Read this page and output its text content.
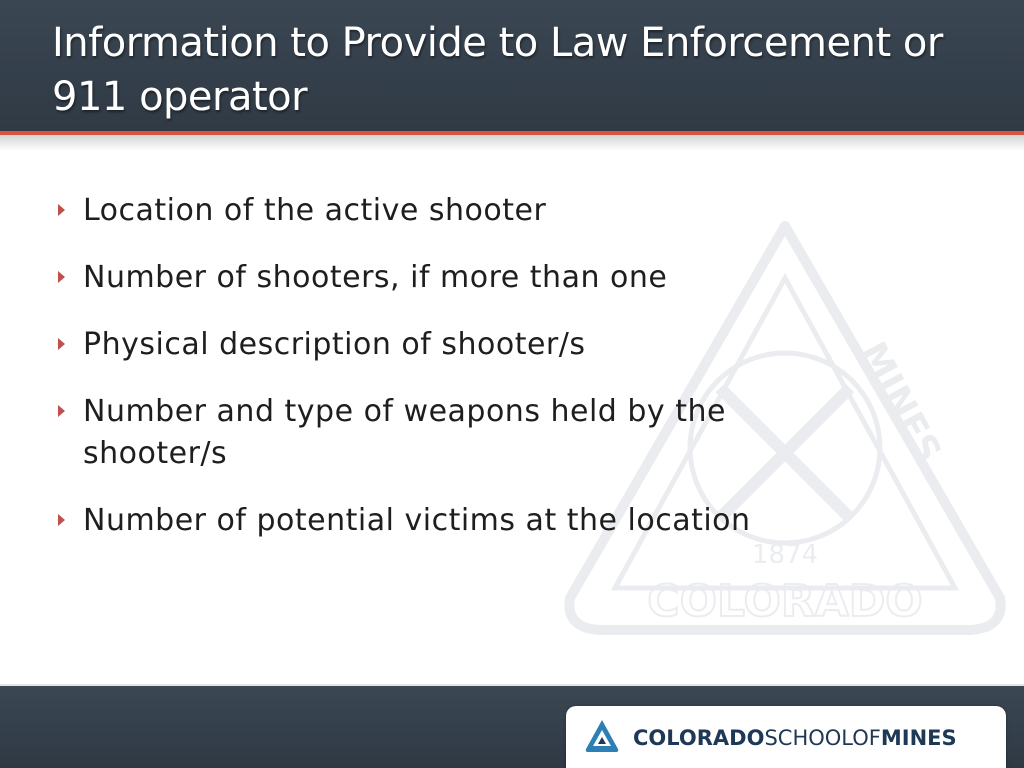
Information to Provide to Law Enforcement or 911 operator
COLORADO
MINES
1874
Location of the active shooter
Number of shooters, if more than one
Physical description of shooter/s
Number and type of weapons held by the shooter/s
Number of potential victims at the location
COLORADOSCHOOLOFMINES
